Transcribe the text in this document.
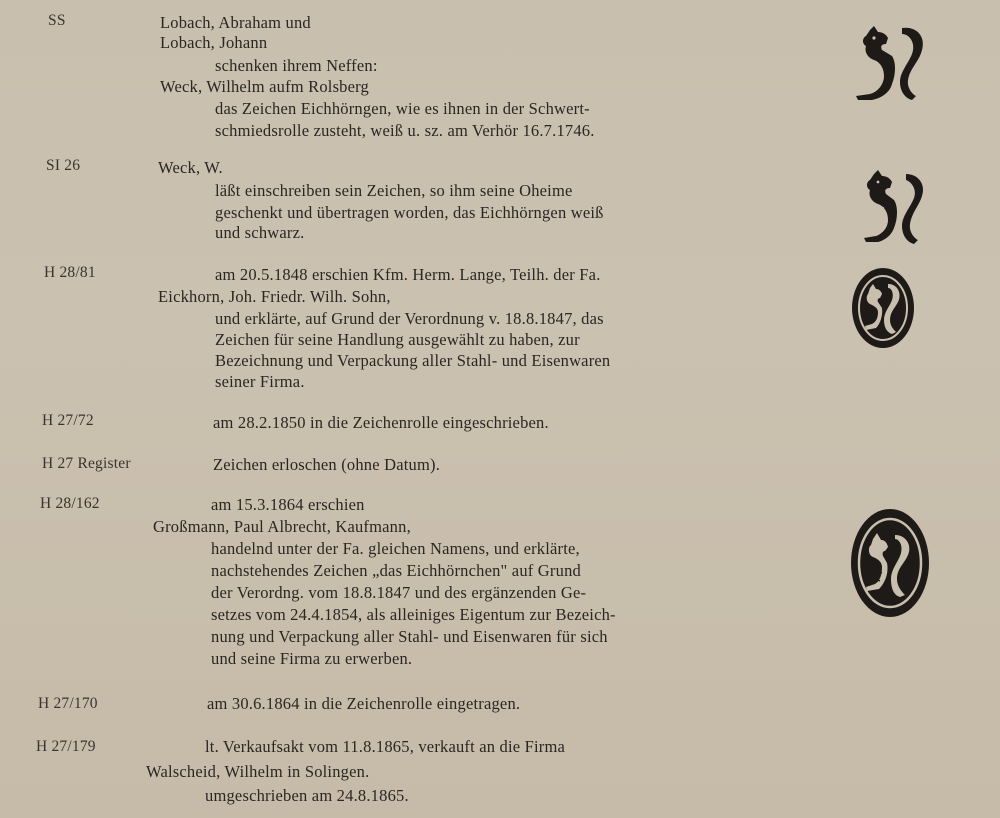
SS	Lobach, Abraham und
Lobach, Johann
schenken ihrem Neffen:
Weck, Wilhelm aufm Rolsberg
das Zeichen Eichhörngen, wie es ihnen in der Schwert-
schmiedsrolle zusteht, weiß u. sz. am Verhör 16.7.1746.
SI 26	Weck, W.
läßt einschreiben sein Zeichen, so ihm seine Oheime
geschenkt und übertragen worden, das Eichhörngen weiß
und schwarz.
H 28/81	am 20.5.1848 erschien Kfm. Herm. Lange, Teilh. der Fa.
Eickhorn, Joh. Friedr. Wilh. Sohn,
und erklärte, auf Grund der Verordnung v. 18.8.1847, das
Zeichen für seine Handlung ausgewählt zu haben, zur
Bezeichnung und Verpackung aller Stahl- und Eisenwaren
seiner Firma.
H 27/72	am 28.2.1850 in die Zeichenrolle eingeschrieben.
H 27 Register	Zeichen erloschen (ohne Datum).
H 28/162	am 15.3.1864 erschien
Großmann, Paul Albrecht, Kaufmann,
handelnd unter der Fa. gleichen Namens, und erklärte,
nachstehendes Zeichen „das Eichhörnchen" auf Grund
der Verordng. vom 18.8.1847 und des ergänzenden Ge-
setzes vom 24.4.1854, als alleiniges Eigentum zur Bezeich-
nung und Verpackung aller Stahl- und Eisenwaren für sich
und seine Firma zu erwerben.
H 27/170	am 30.6.1864 in die Zeichenrolle eingetragen.
H 27/179	lt. Verkaufsakt vom 11.8.1865, verkauft an die Firma
Walscheid, Wilhelm in Solingen.
umgeschrieben am 24.8.1865.
